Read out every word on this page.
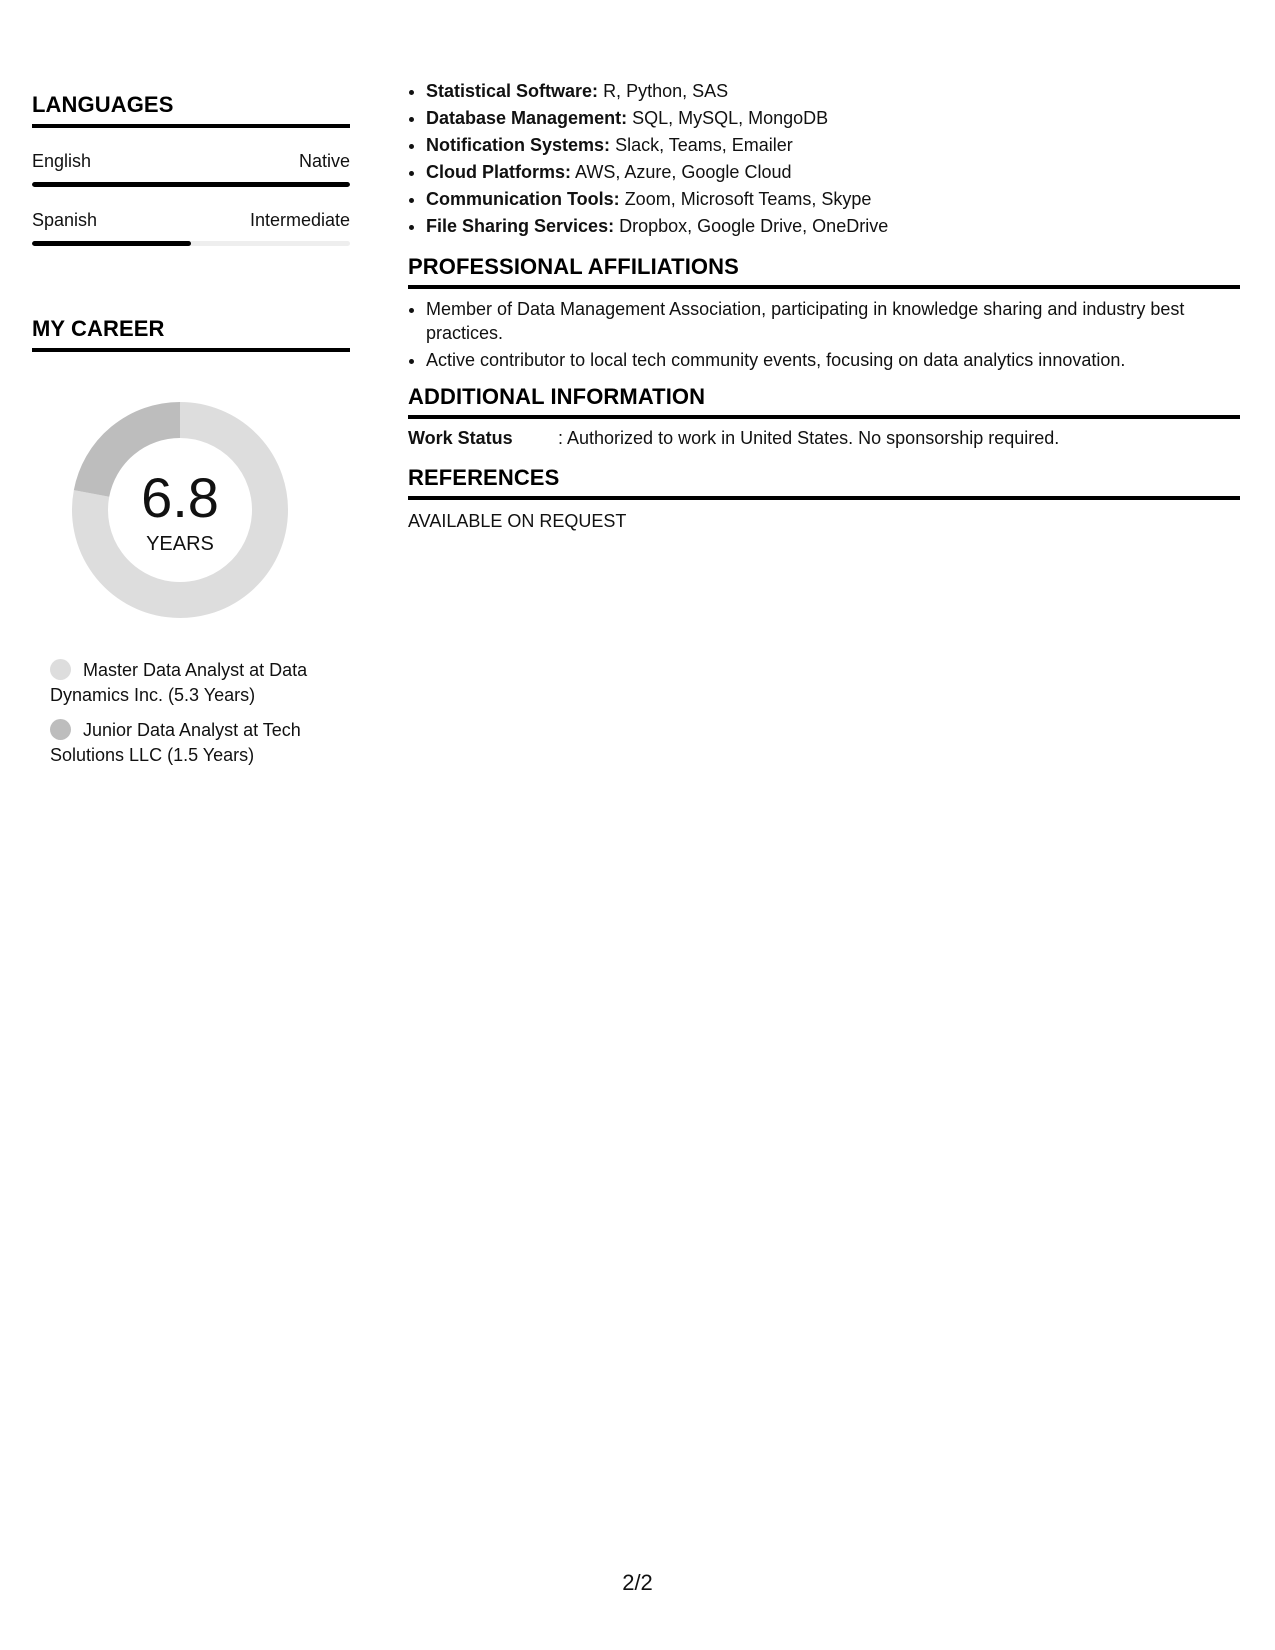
LANGUAGES
English	Native
Spanish	Intermediate
MY CAREER
6.8
YEARS
Master Data Analyst at Data Dynamics Inc. (5.3 Years)
Junior Data Analyst at Tech Solutions LLC (1.5 Years)
• Statistical Software: R, Python, SAS
• Database Management: SQL, MySQL, MongoDB
• Notification Systems: Slack, Teams, Emailer
• Cloud Platforms: AWS, Azure, Google Cloud
• Communication Tools: Zoom, Microsoft Teams, Skype
• File Sharing Services: Dropbox, Google Drive, OneDrive
PROFESSIONAL AFFILIATIONS
• Member of Data Management Association, participating in knowledge sharing and industry best practices.
• Active contributor to local tech community events, focusing on data analytics innovation.
ADDITIONAL INFORMATION
Work Status	: Authorized to work in United States. No sponsorship required.
REFERENCES
AVAILABLE ON REQUEST
2/2
